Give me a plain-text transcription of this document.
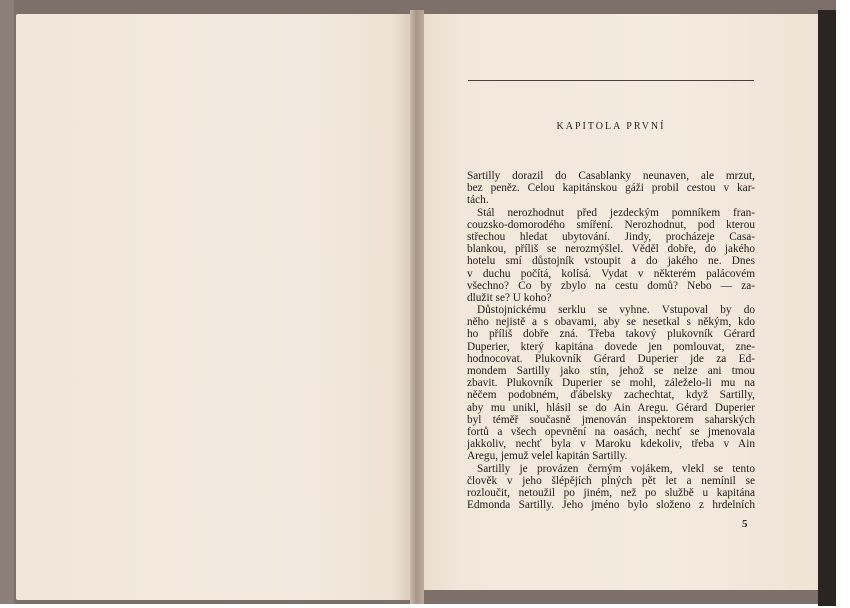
KAPITOLA PRVNÍ
Sartilly dorazil do Casablanky neunaven, ale mrzut,
bez peněz. Celou kapitánskou gáži probil cestou v kar-
tách.
Stál nerozhodnut před jezdeckým pomníkem fran-
couzsko-domorodého smíření. Nerozhodnut, pod kterou
střechou hledat ubytování. Jindy, procházeje Casa-
blankou, příliš se nerozmýšlel. Věděl dobře, do jakého
hotelu smí důstojník vstoupit a do jakého ne. Dnes
v duchu počítá, kolísá. Vydat v některém palácovém
všechno? Co by zbylo na cestu domů? Nebo — za-
dlužit se? U koho?
Důstojnickému serklu se vyhne. Vstupoval by do
něho nejistě a s obavami, aby se nesetkal s někým, kdo
ho příliš dobře zná. Třeba takový plukovník Gérard
Duperier, který kapitána dovede jen pomlouvat, zne-
hodnocovat. Plukovník Gérard Duperier jde za Ed-
mondem Sartilly jako stín, jehož se nelze ani tmou
zbavit. Plukovník Duperier se mohl, záleželo-li mu na
něčem podobném, ďábelsky zachechtat, když Sartilly,
aby mu unikl, hlásil se do Ain Aregu. Gérard Duperier
byl téměř současně jmenován inspektorem saharských
fortů a všech opevnění na oasách, nechť se jmenovala
jakkoliv, nechť byla v Maroku kdekoliv, třeba v Ain
Aregu, jemuž velel kapitán Sartilly.
Sartilly je provázen černým vojákem, vlekl se tento
člověk v jeho šlépějích plných pět let a nemínil se
rozloučit, netoužil po jiném, než po službě u kapitána
Edmonda Sartilly. Jeho jméno bylo složeno z hrdelních
5
